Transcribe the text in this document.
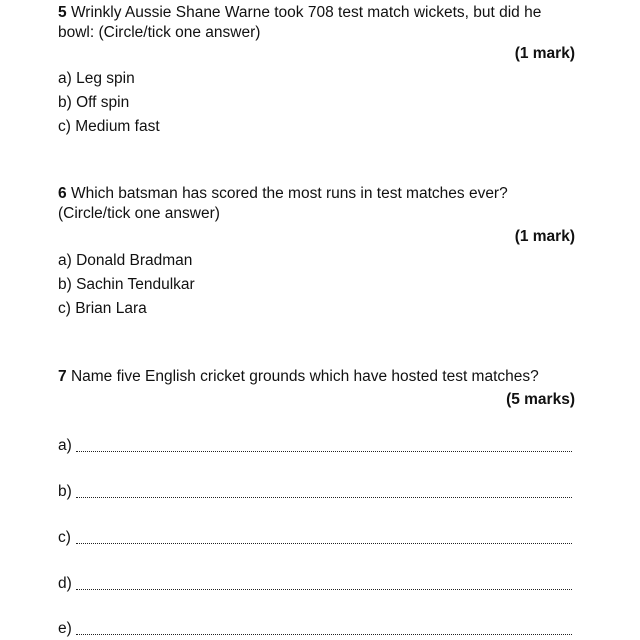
5 Wrinkly Aussie Shane Warne took 708 test match wickets, but did he bowl: (Circle/tick one answer)
(1 mark)
a) Leg spin
b) Off spin
c) Medium fast
6 Which batsman has scored the most runs in test matches ever? (Circle/tick one answer)
(1 mark)
a) Donald Bradman
b) Sachin Tendulkar
c) Brian Lara
7 Name five English cricket grounds which have hosted test matches?
(5 marks)
a)
b)
c)
d)
e)
